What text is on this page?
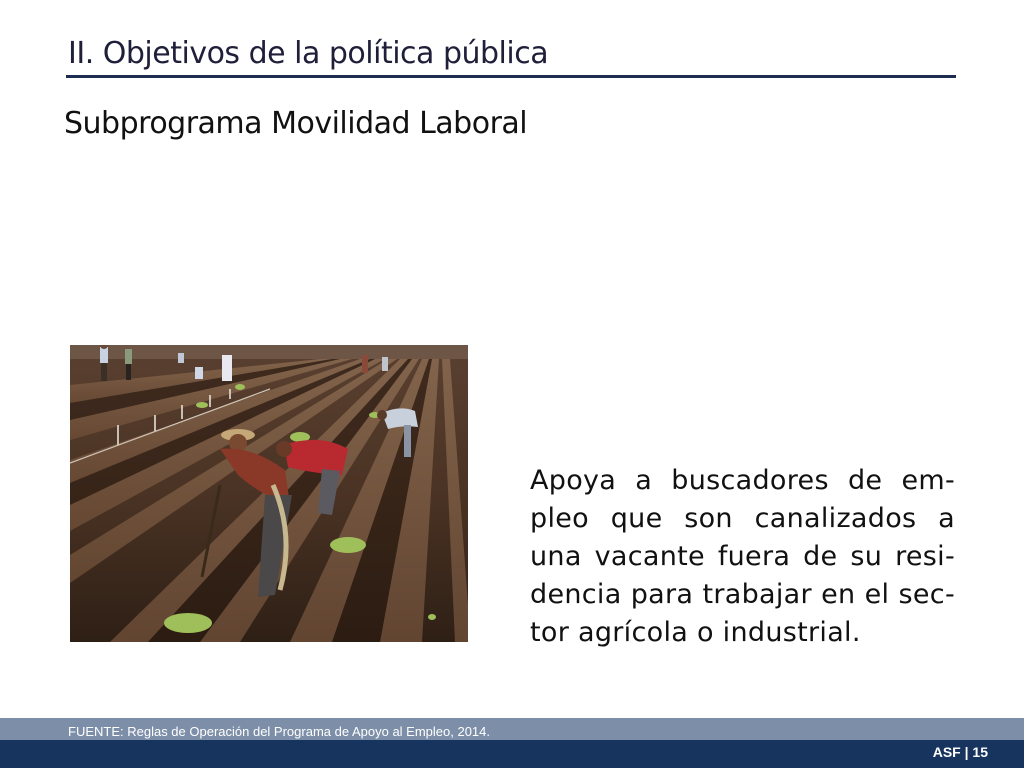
II. Objetivos de la política pública
Subprograma Movilidad Laboral
Apoya a buscadores de em-
pleo que son canalizados a
una vacante fuera de su resi-
dencia para trabajar en el sec-
tor agrícola o industrial.
FUENTE: Reglas de Operación del Programa de Apoyo al Empleo, 2014.
ASF | 15
